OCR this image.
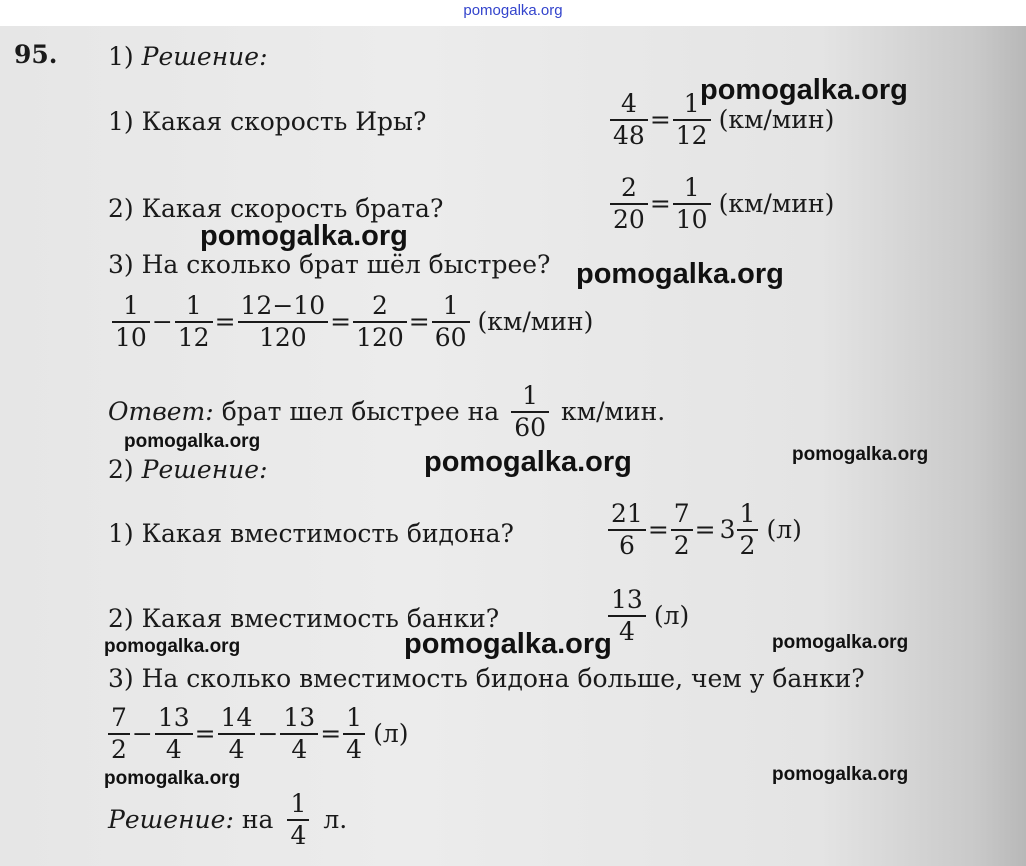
pomogalka.org
95. 1) Решение:
1) Какая скорость Иры?	$\frac{4}{48} = \frac{1}{12} (км/мин)$
2) Какая скорость брата?	$\frac{2}{20} = \frac{1}{10} (км/мин)$
3) На сколько брат шёл быстрее?
$\frac{1}{10} - \frac{1}{12} = \frac{12-10}{120} = \frac{2}{120} = \frac{1}{60} (км/мин)$
Ответ: брат шел быстрее на $\frac{1}{60} км/мин$.
2) Решение:
1) Какая вместимость бидона?	$\frac{21}{6} = \frac{7}{2} = 3 \frac{1}{2} (л)$
2) Какая вместимость банки?	$\frac{13}{4} (л)$
3) На сколько вместимость бидона больше, чем у банки?
$\frac{7}{2} - \frac{13}{4} = \frac{14}{4} - \frac{13}{4} = \frac{1}{4} (л)$
Решение: на $\frac{1}{4} л$.
pomogalka.org
pomogalka.org
pomogalka.org
pomogalka.org
pomogalka.org	pomogalka.org
pomogalka.org	pomogalka.org	pomogalka.org
pomogalka.org	pomogalka.org
